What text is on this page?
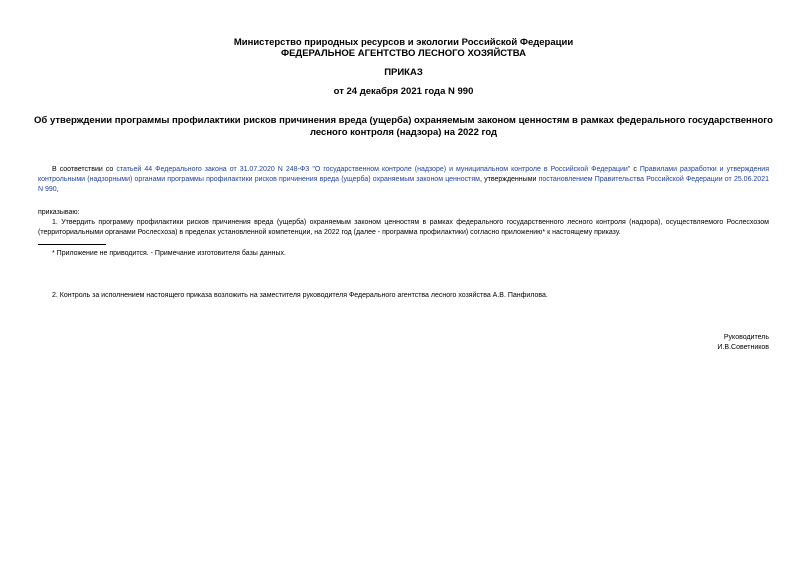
Министерство природных ресурсов и экологии Российской Федерации
ФЕДЕРАЛЬНОЕ АГЕНТСТВО ЛЕСНОГО ХОЗЯЙСТВА
ПРИКАЗ
от 24 декабря 2021 года N 990
Об утверждении программы профилактики рисков причинения вреда (ущерба) охраняемым законом ценностям в рамках федерального государственного лесного контроля (надзора) на 2022 год
В соответствии со статьей 44 Федерального закона от 31.07.2020 N 248-ФЗ "О государственном контроле (надзоре) и муниципальном контроле в Российской Федерации" с Правилами разработки и утверждения контрольными (надзорными) органами программы профилактики рисков причинения вреда (ущерба) охраняемым законом ценностям, утвержденными постановлением Правительства Российской Федерации от 25.06.2021 N 990,
приказываю:
1. Утвердить программу профилактики рисков причинения вреда (ущерба) охраняемым законом ценностям в рамках федерального государственного лесного контроля (надзора), осуществляемого Рослесхозом (территориальными органами Рослесхоза) в пределах установленной компетенции, на 2022 год (далее - программа профилактики) согласно приложению* к настоящему приказу.
* Приложение не приводится. - Примечание изготовителя базы данных.
2. Контроль за исполнением настоящего приказа возложить на заместителя руководителя Федерального агентства лесного хозяйства А.В. Панфилова.
Руководитель
И.В.Советников
